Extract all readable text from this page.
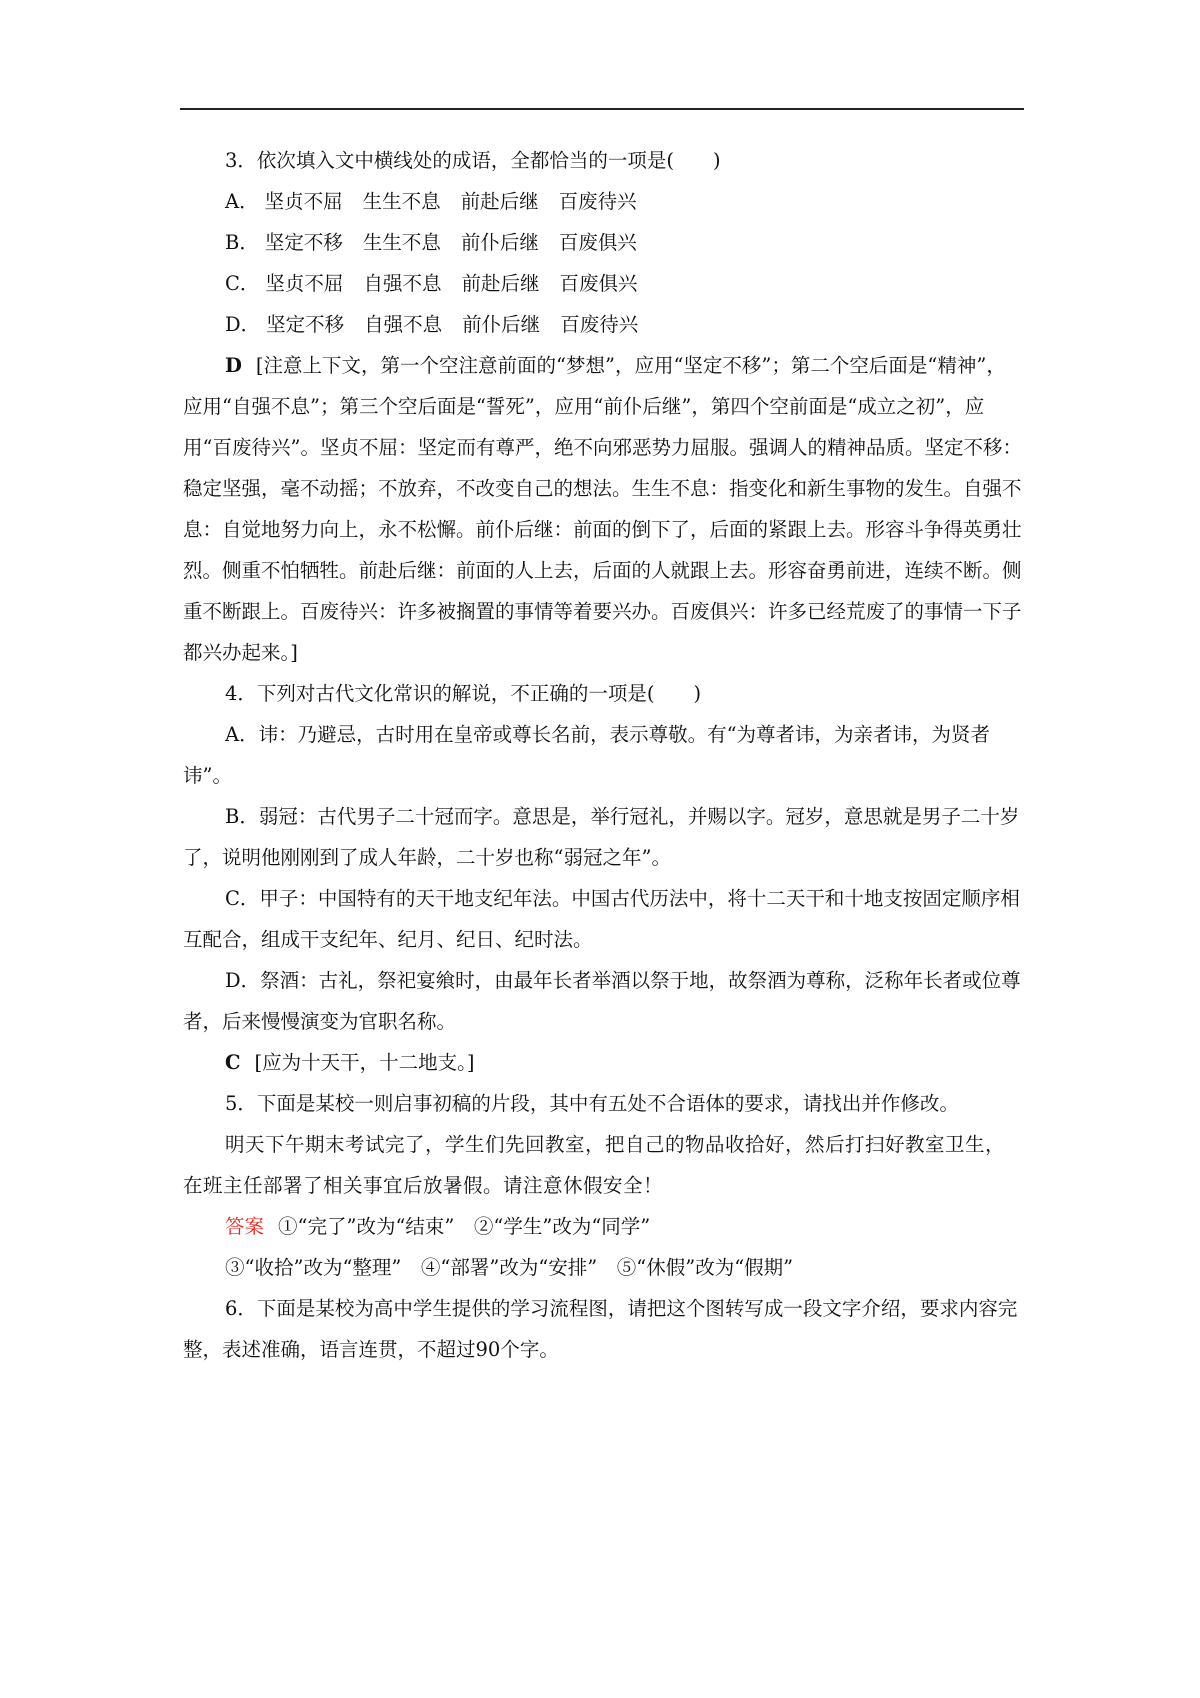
3．依次填入文中横线处的成语，全都恰当的一项是(　　)

A． 坚贞不屈 生生不息 前赴后继 百废待兴

B． 坚定不移 生生不息 前仆后继 百废俱兴

C． 坚贞不屈 自强不息 前赴后继 百废俱兴

D． 坚定不移 自强不息 前仆后继 百废待兴

D [注意上下文，第一个空注意前面的“梦想”，应用“坚定不移”；第二个空后面是“精神”，应用“自强不息”；第三个空后面是“誓死”，应用“前仆后继”，第四个空前面是“成立之初”，应用“百废待兴”。坚贞不屈：坚定而有尊严，绝不向邪恶势力屈服。强调人的精神品质。坚定不移：稳定坚强，毫不动摇；不放弃，不改变自己的想法。生生不息：指变化和新生事物的发生。自强不息：自觉地努力向上，永不松懈。前仆后继：前面的倒下了，后面的紧跟上去。形容斗争得英勇壮烈。侧重不怕牺牲。前赴后继：前面的人上去，后面的人就跟上去。形容奋勇前进，连续不断。侧重不断跟上。百废待兴：许多被搁置的事情等着要兴办。百废俱兴：许多已经荒废了的事情一下子都兴办起来。]

4．下列对古代文化常识的解说，不正确的一项是(　　)

A．讳：乃避忌，古时用在皇帝或尊长名前，表示尊敬。有“为尊者讳，为亲者讳，为贤者讳”。

B．弱冠：古代男子二十冠而字。意思是，举行冠礼，并赐以字。冠岁，意思就是男子二十岁了，说明他刚刚到了成人年龄，二十岁也称“弱冠之年”。

C．甲子：中国特有的天干地支纪年法。中国古代历法中，将十二天干和十地支按固定顺序相互配合，组成干支纪年、纪月、纪日、纪时法。

D．祭酒：古礼，祭祀宴飨时，由最年长者举酒以祭于地，故祭酒为尊称，泛称年长者或位尊者，后来慢慢演变为官职名称。

C [应为十天干，十二地支。]

5．下面是某校一则启事初稿的片段，其中有五处不合语体的要求，请找出并作修改。

明天下午期末考试完了，学生们先回教室，把自己的物品收拾好，然后打扫好教室卫生，在班主任部署了相关事宜后放暑假。请注意休假安全！

答案 ①“完了”改为“结束”　②“学生”改为“同学”

③“收拾”改为“整理”　④“部署”改为“安排”　⑤“休假”改为“假期”

6．下面是某校为高中学生提供的学习流程图，请把这个图转写成一段文字介绍，要求内容完整，表述准确，语言连贯，不超过90个字。
